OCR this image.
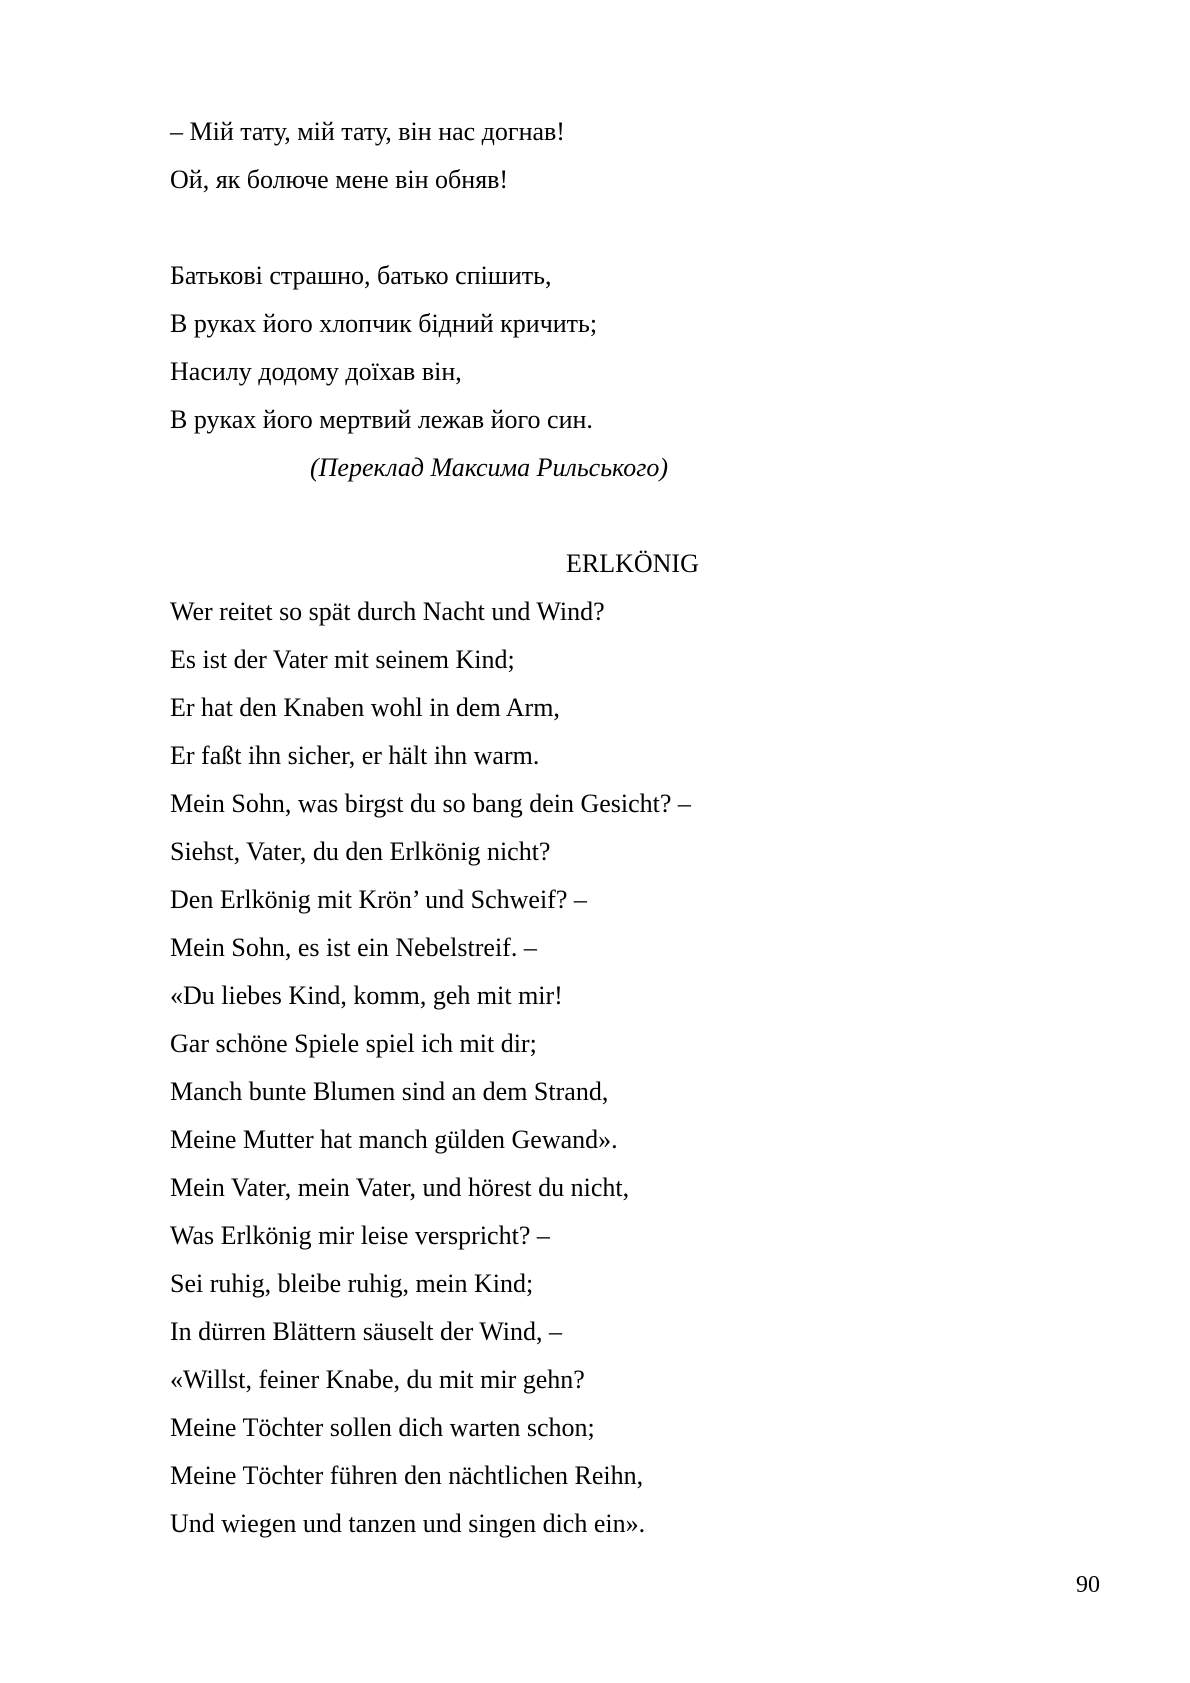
– Мій тату, мій тату, він нас догнав!
Ой, як болюче мене він обняв!
Батькові страшно, батько спішить,
В руках його хлопчик бідний кричить;
Насилу додому доїхав він,
В руках його мертвий лежав його син.
(Переклад Максима Рильського)
ERLKÖNIG
Wer reitet so spät durch Nacht und Wind?
Es ist der Vater mit seinem Kind;
Er hat den Knaben wohl in dem Arm,
Er faßt ihn sicher, er hält ihn warm.
Mein Sohn, was birgst du so bang dein Gesicht? –
Siehst, Vater, du den Erlkönig nicht?
Den Erlkönig mit Krön’ und Schweif? –
Mein Sohn, es ist ein Nebelstreif. –
«Du liebes Kind, komm, geh mit mir!
Gar schöne Spiele spiel ich mit dir;
Manch bunte Blumen sind an dem Strand,
Meine Mutter hat manch gülden Gewand».
Mein Vater, mein Vater, und hörest du nicht,
Was Erlkönig mir leise verspricht? –
Sei ruhig, bleibe ruhig, mein Kind;
In dürren Blättern säuselt der Wind, –
«Willst, feiner Knabe, du mit mir gehn?
Meine Töchter sollen dich warten schon;
Meine Töchter führen den nächtlichen Reihn,
Und wiegen und tanzen und singen dich ein».
90
